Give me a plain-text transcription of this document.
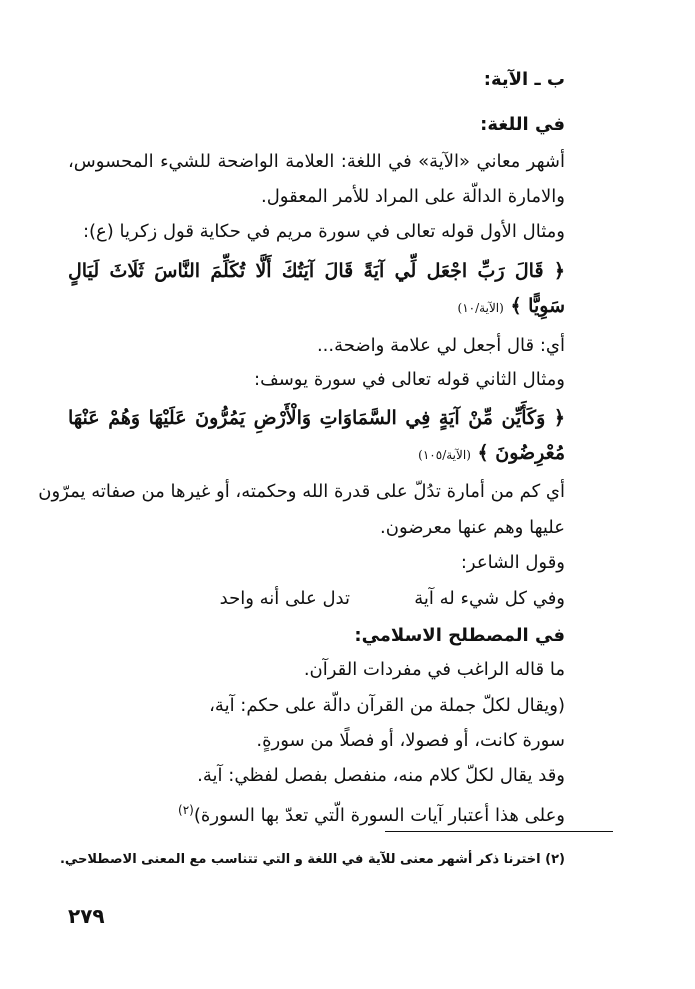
ب ـ الآية:
في اللغة:
أشهر معاني «الآية» في اللغة: العلامة الواضحة للشيء المحسوس،
والامارة الدالّة على المراد للأمر المعقول.
ومثال الأول قوله تعالى في سورة مريم في حكاية قول زكريا (ع):
﴿ قَالَ رَبِّ اجْعَل لِّي آيَةً قَالَ آيَتُكَ أَلَّا تُكَلِّمَ النَّاسَ ثَلَاثَ لَيَالٍ
سَوِيًّا ﴾ (الآية/١٠)
أي: قال أجعل لي علامة واضحة...
ومثال الثاني قوله تعالى في سورة يوسف:
﴿ وَكَأَيِّن مِّنْ آيَةٍ فِي السَّمَاوَاتِ وَالْأَرْضِ يَمُرُّونَ عَلَيْهَا وَهُمْ عَنْهَا
مُعْرِضُونَ ﴾ (الآية/١٠٥)
أي كم من أمارة تدُلّ على قدرة الله وحكمته، أو غيرها من صفاته يمرّون
عليها وهم عنها معرضون.
وقول الشاعر:
وفي كل شيء له آية
تدل على أنه واحد
في المصطلح الاسلامي:
ما قاله الراغب في مفردات القرآن.
(ويقال لكلّ جملة من القرآن دالّة على حكم: آية،
سورة كانت، أو فصولا، أو فصلًا من سورةٍ.
وقد يقال لكلّ كلام منه، منفصل بفصل لفظي: آية.
وعلى هذا أعتبار آيات السورة الّتي تعدّ بها السورة)$^{(٢)}$
(٢) اخترنا ذكر أشهر معنى للآية في اللغة و التي تتناسب مع المعنى الاصطلاحي.
٢٧٩
